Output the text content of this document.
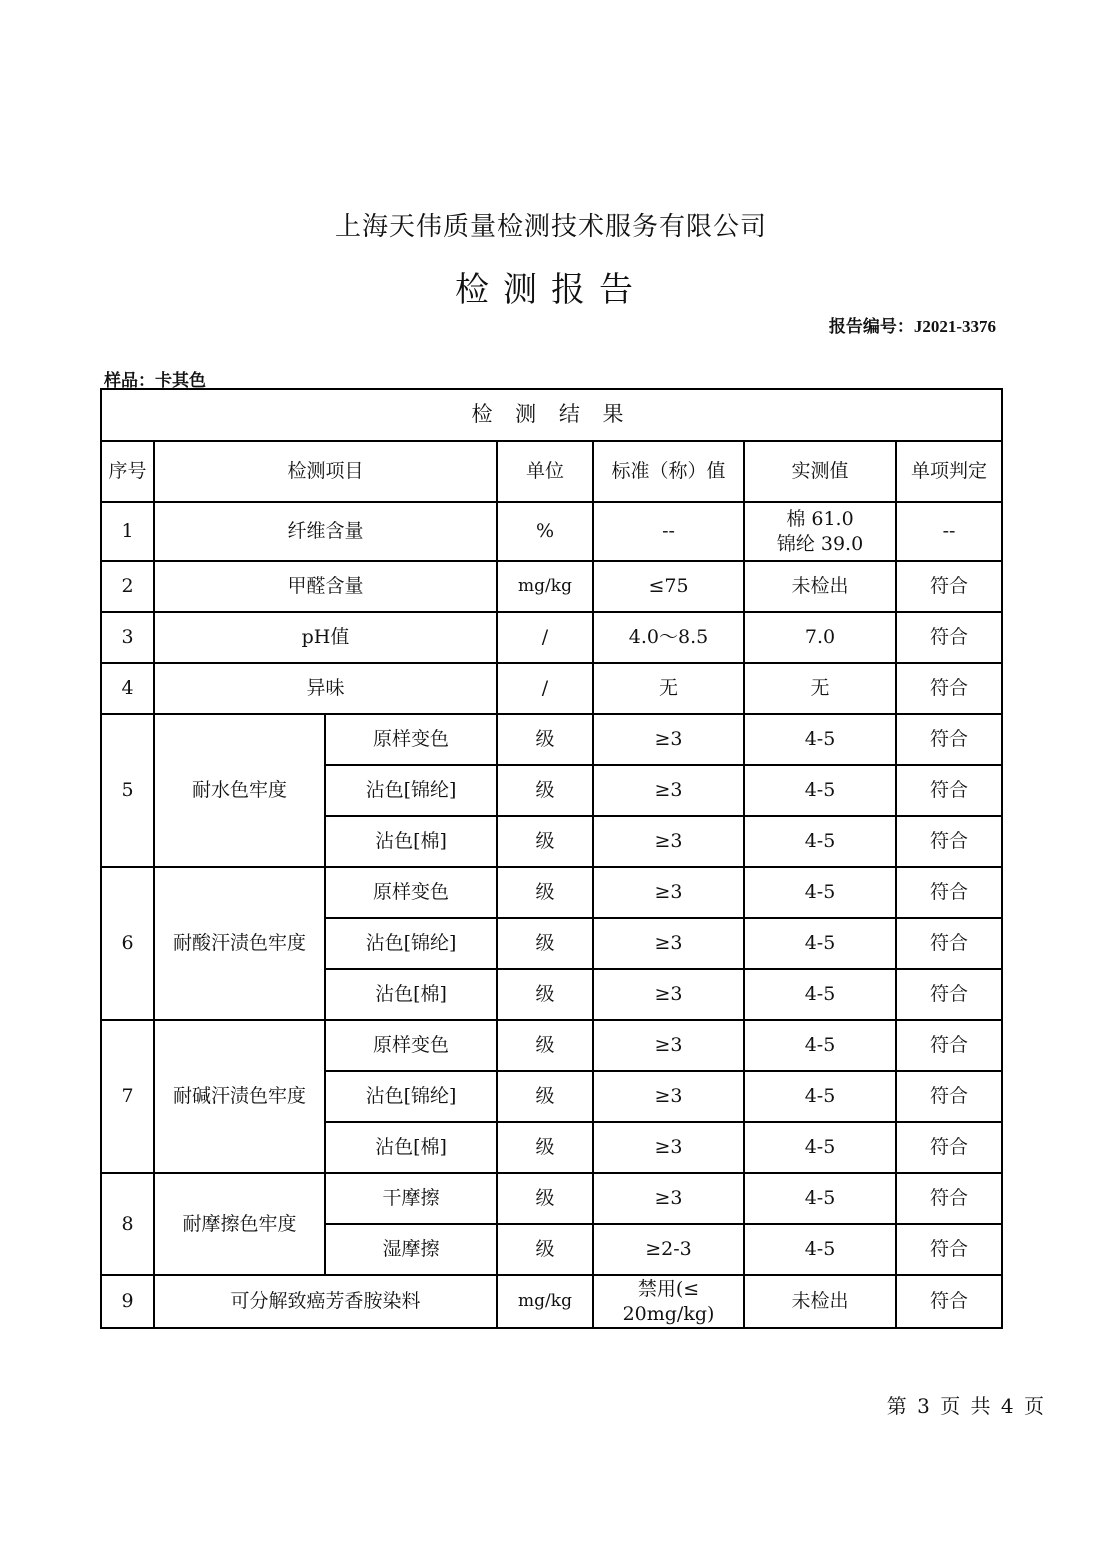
上海天伟质量检测技术服务有限公司
检测报告
报告编号：J2021-3376
样品：卡其色
检 测 结 果						
序号	检测项目		单位	标准（称）值	实测值	单项判定
1	纤维含量		%	--	棉 61.0
锦纶 39.0	--
2	甲醛含量		mg/kg	≤75	未检出	符合
3	pH值		/	4.0～8.5	7.0	符合
4	异味		/	无	无	符合
5	耐水色牢度	原样变色	级	≥3	4-5	符合
		沾色[锦纶]	级	≥3	4-5	符合
		沾色[棉]	级	≥3	4-5	符合
6	耐酸汗渍色牢度	原样变色	级	≥3	4-5	符合
		沾色[锦纶]	级	≥3	4-5	符合
		沾色[棉]	级	≥3	4-5	符合
7	耐碱汗渍色牢度	原样变色	级	≥3	4-5	符合
		沾色[锦纶]	级	≥3	4-5	符合
		沾色[棉]	级	≥3	4-5	符合
8	耐摩擦色牢度	干摩擦	级	≥3	4-5	符合
		湿摩擦	级	≥2-3	4-5	符合
9	可分解致癌芳香胺染料		mg/kg	禁用(≤
20mg/kg)	未检出	符合
第 3 页 共 4 页
